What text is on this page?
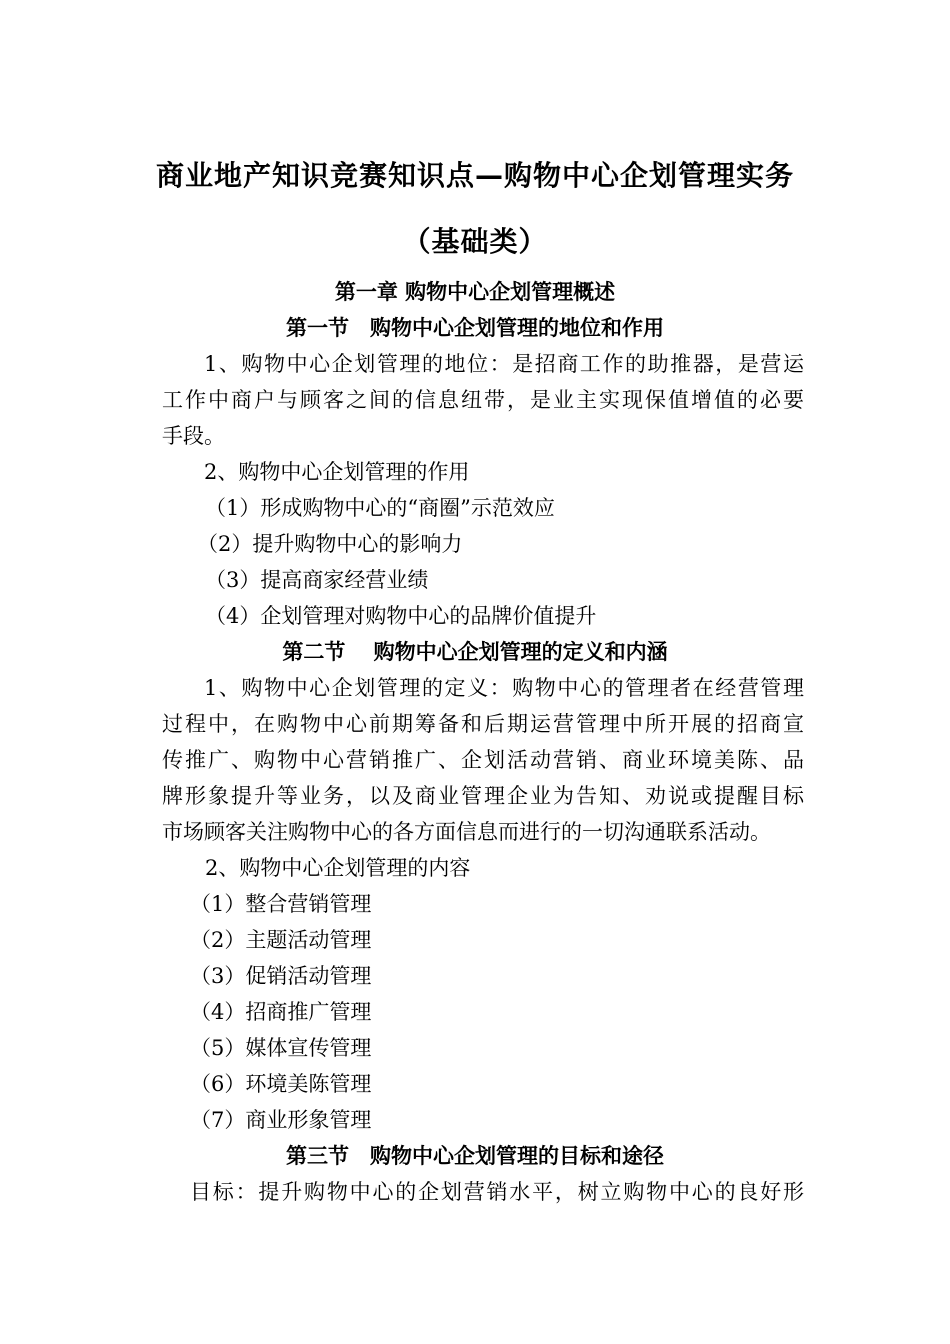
商业地产知识竞赛知识点—购物中心企划管理实务
（基础类）
第一章 购物中心企划管理概述
第一节　购物中心企划管理的地位和作用
1、购物中心企划管理的地位：是招商工作的助推器，是营运
工作中商户与顾客之间的信息纽带，是业主实现保值增值的必要
手段。
2、购物中心企划管理的作用
（1）形成购物中心的“商圈”示范效应
（2）提升购物中心的影响力
（3）提高商家经营业绩
（4）企划管理对购物中心的品牌价值提升
第二节　 购物中心企划管理的定义和内涵
1、购物中心企划管理的定义：购物中心的管理者在经营管理
过程中，在购物中心前期筹备和后期运营管理中所开展的招商宣
传推广、购物中心营销推广、企划活动营销、商业环境美陈、品
牌形象提升等业务，以及商业管理企业为告知、劝说或提醒目标
市场顾客关注购物中心的各方面信息而进行的一切沟通联系活动。
2、购物中心企划管理的内容
（1）整合营销管理
（2）主题活动管理
（3）促销活动管理
（4）招商推广管理
（5）媒体宣传管理
（6）环境美陈管理
（7）商业形象管理
第三节　购物中心企划管理的目标和途径
目标：提升购物中心的企划营销水平，树立购物中心的良好形
